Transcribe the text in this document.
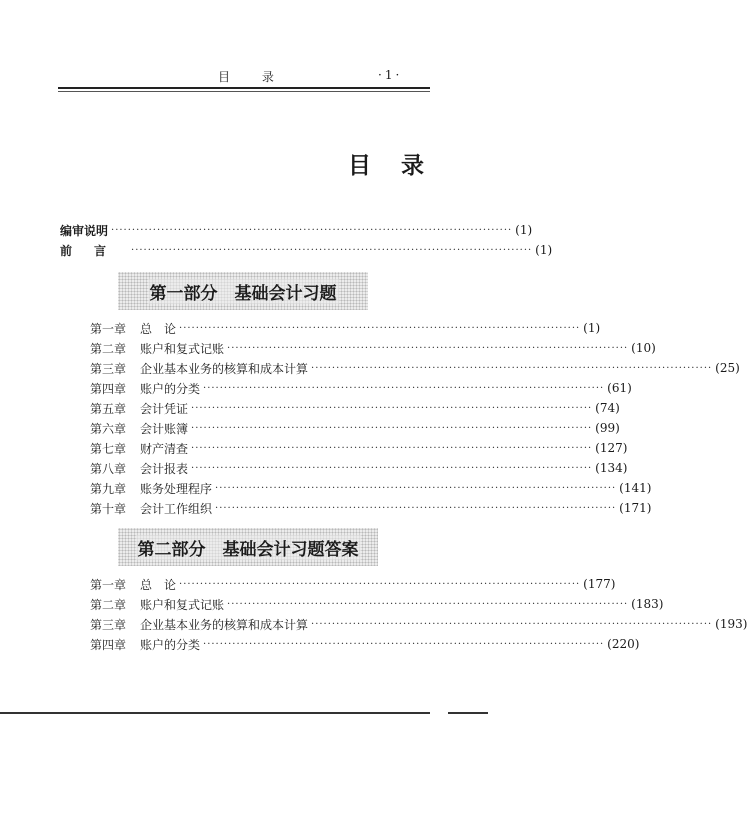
目 录	·1·
目录
编审说明 ································································································ (1)
前言 ································································································ (1)
第一部分　基础会计习题
第一章	总　论 ································································································ (1)
第二章	账户和复式记账 ································································································ (10)
第三章	企业基本业务的核算和成本计算 ································································································ (25)
第四章	账户的分类 ································································································ (61)
第五章	会计凭证 ································································································ (74)
第六章	会计账簿 ································································································ (99)
第七章	财产清查 ································································································ (127)
第八章	会计报表 ································································································ (134)
第九章	账务处理程序 ································································································ (141)
第十章	会计工作组织 ································································································ (171)
第二部分　基础会计习题答案
第一章	总　论 ································································································ (177)
第二章	账户和复式记账 ································································································ (183)
第三章	企业基本业务的核算和成本计算 ································································································ (193)
第四章	账户的分类 ································································································ (220)
